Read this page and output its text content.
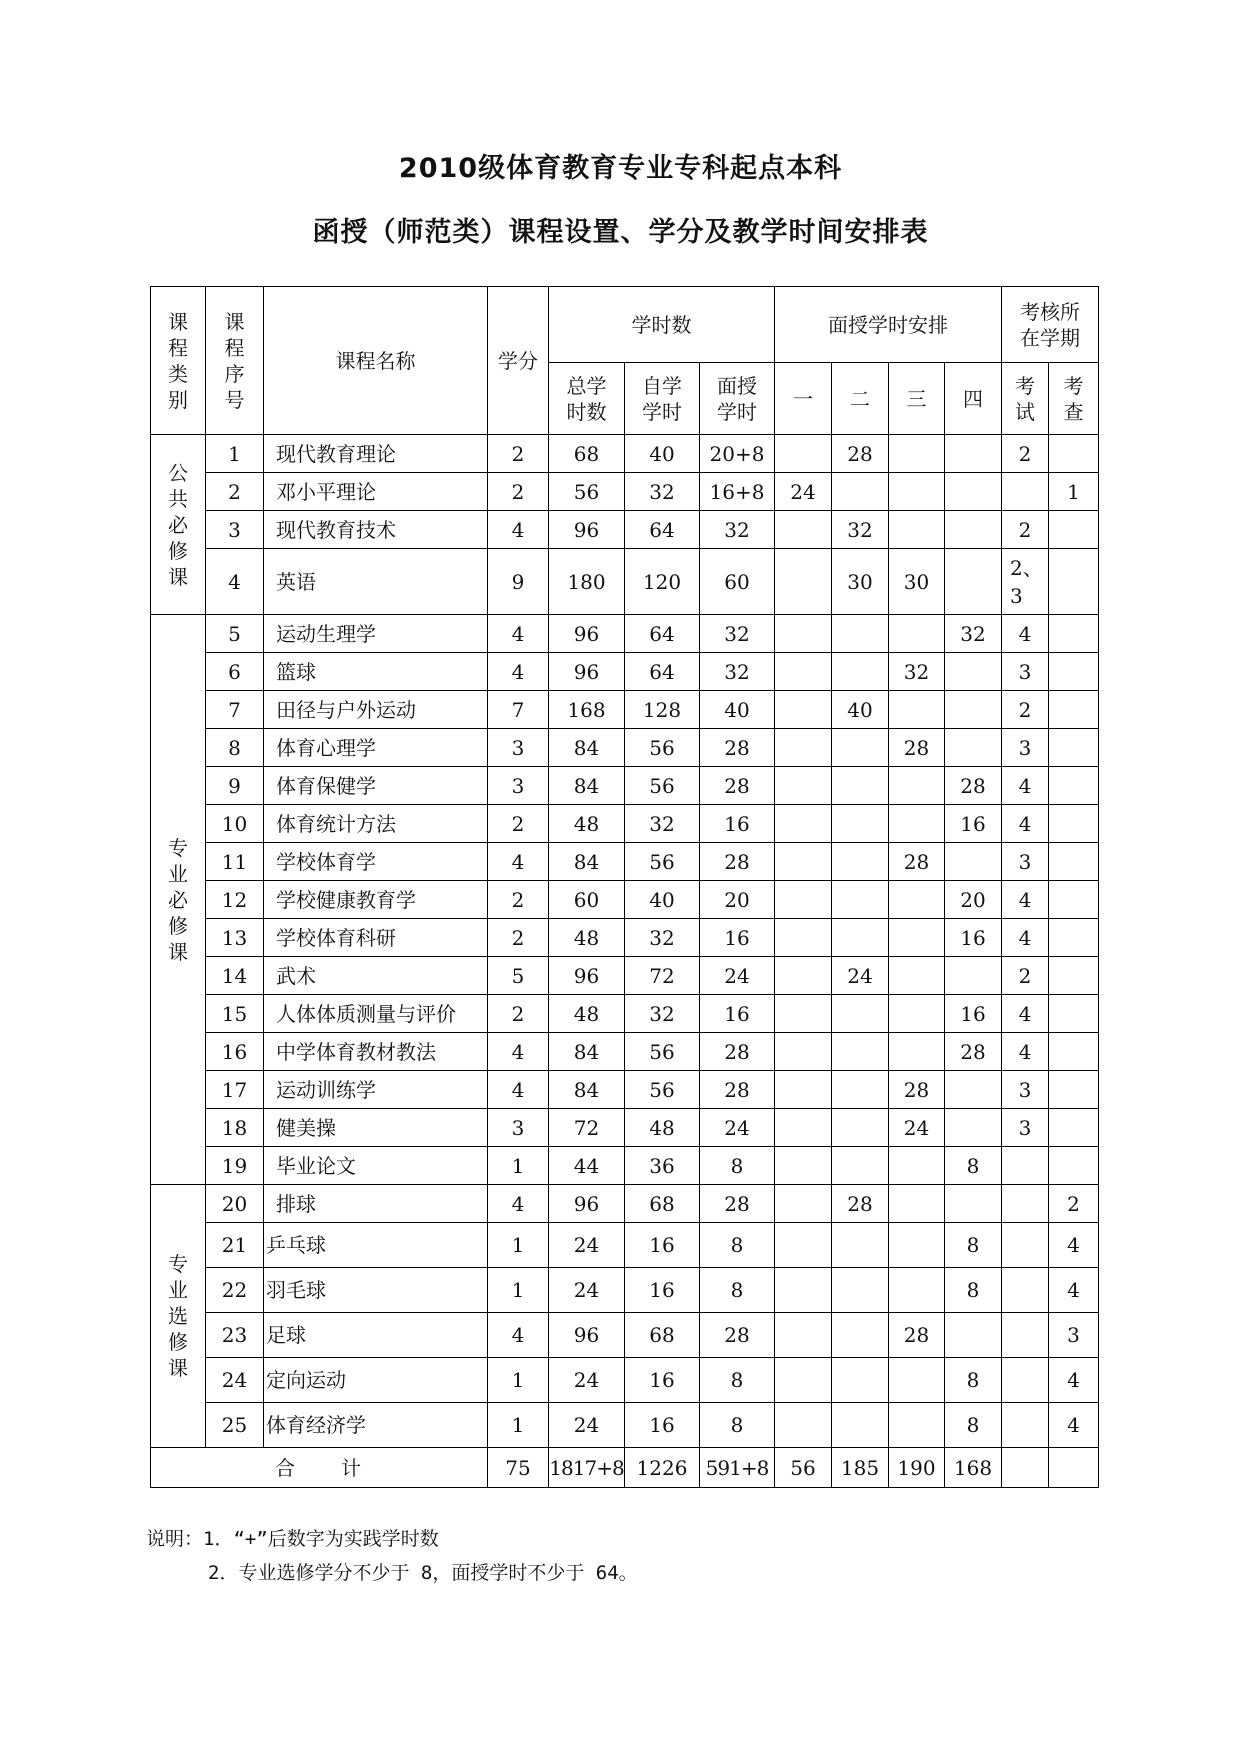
2010级体育教育专业专科起点本科
函授（师范类）课程设置、学分及教学时间安排表
课程类别	课程序号	课程名称	学分	学时数			面授学时安排				考核所在学期	

				总学时数	自学学时	面授学时	一	二	三	四	考试	考查

公共必修课	1	现代教育理论	2	68	40	20+8		28			2	
	2	邓小平理论	2	56	32	16+8	24					1
	3	现代教育技术	4	96	64	32		32			2	
	4	英语	9	180	120	60		30	30		2、3	

专业必修课	5	运动生理学	4	96	64	32				32	4	
	6	篮球	4	96	64	32			32		3	
	7	田径与户外运动	7	168	128	40		40			2	
	8	体育心理学	3	84	56	28			28		3	
	9	体育保健学	3	84	56	28				28	4	
	10	体育统计方法	2	48	32	16				16	4	
	11	学校体育学	4	84	56	28			28		3	
	12	学校健康教育学	2	60	40	20				20	4	
	13	学校体育科研	2	48	32	16				16	4	
	14	武术	5	96	72	24		24			2	
	15	人体体质测量与评价	2	48	32	16				16	4	
	16	中学体育教材教法	4	84	56	28				28	4	
	17	运动训练学	4	84	56	28			28		3	
	18	健美操	3	72	48	24			24		3	
	19	毕业论文	1	44	36	8				8		

专业选修课	20	排球	4	96	68	28		28				2
	21	乒乓球	1	24	16	8				8		4
	22	羽毛球	1	24	16	8				8		4
	23	足球	4	96	68	28			28			3
	24	定向运动	1	24	16	8				8		4
	25	体育经济学	1	24	16	8				8		4
合　　计			75	1817+8	1226	591+8	56	185	190	168		
说明：1．“+”后数字为实践学时数
2．专业选修学分不少于 8，面授学时不少于 64。
